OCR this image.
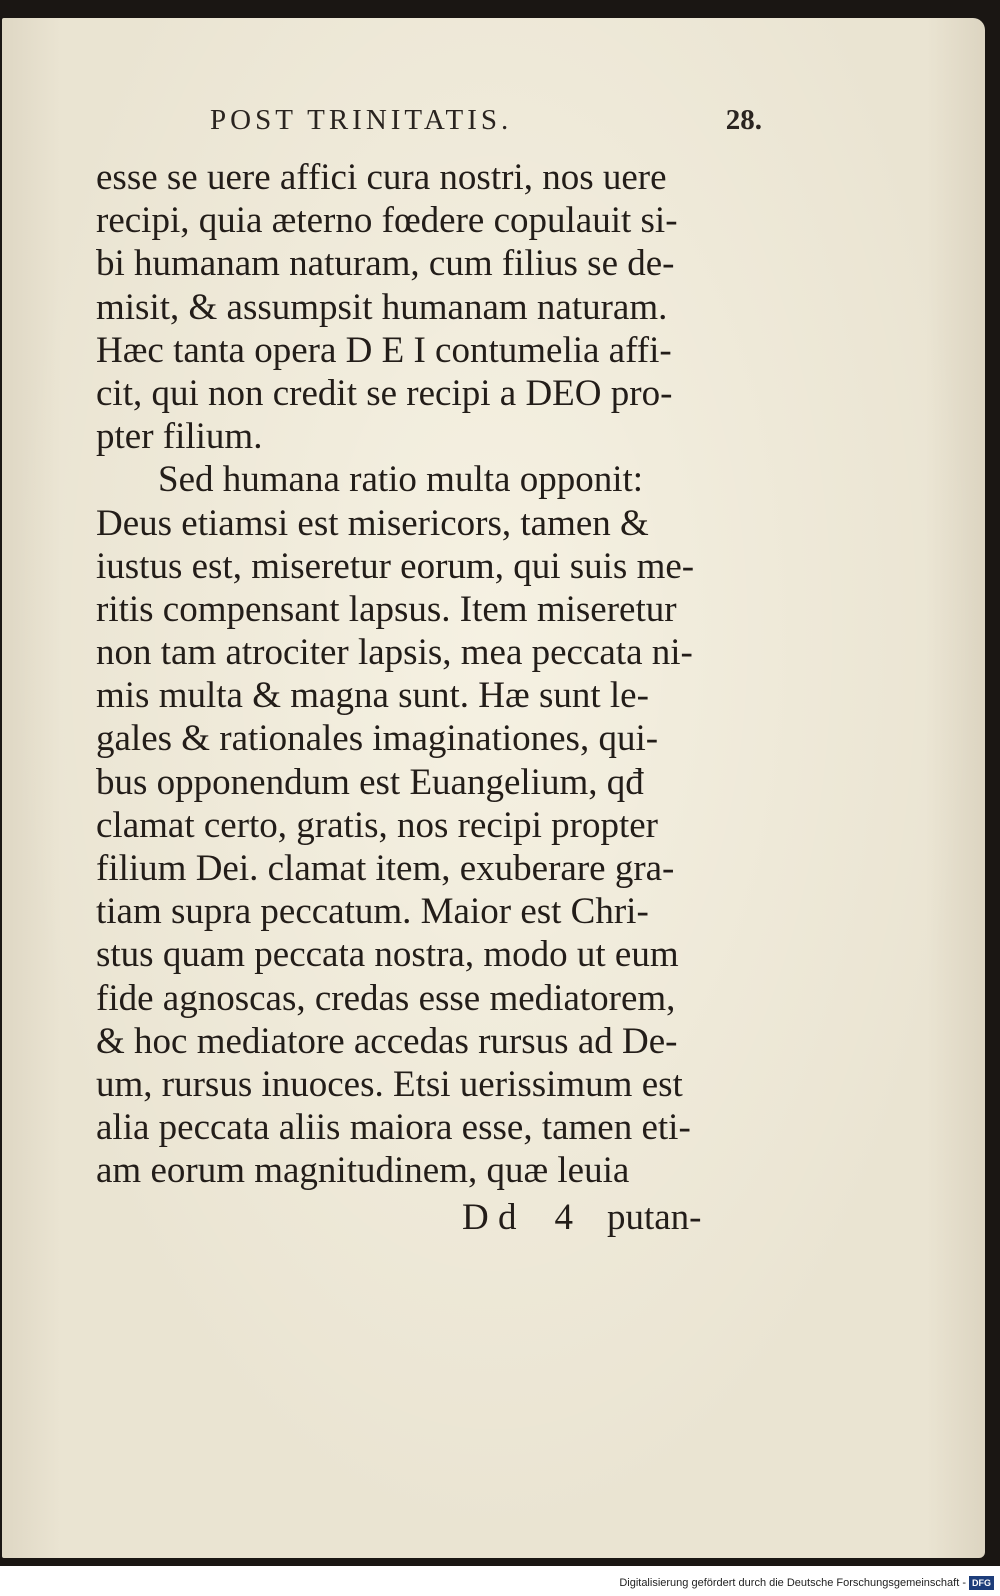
POST TRINITATIS.	28.
esse se uere affici cura nostri, nos uere
recipi, quia æterno fœdere copulauit si-
bi humanam naturam, cum filius se de-
misit, & assumpsit humanam naturam.
Hæc tanta opera D E I contumelia affi-
cit, qui non credit se recipi a DEO pro-
pter filium.
Sed humana ratio multa opponit:
Deus etiamsi est misericors, tamen &
iustus est, miseretur eorum, qui suis me-
ritis compensant lapsus. Item miseretur
non tam atrociter lapsis, mea peccata ni-
mis multa & magna sunt. Hæ sunt le-
gales & rationales imaginationes, qui-
bus opponendum est Euangelium, qđ
clamat certo, gratis, nos recipi propter
filium Dei. clamat item, exuberare gra-
tiam supra peccatum. Maior est Chri-
stus quam peccata nostra, modo ut eum
fide agnoscas, credas esse mediatorem,
& hoc mediatore accedas rursus ad De-
um, rursus inuoces. Etsi uerissimum est
alia peccata aliis maiora esse, tamen eti-
am eorum magnitudinem, quæ leuia
D d 4 putan-
Digitalisierung gefördert durch die Deutsche Forschungsgemeinschaft - DFG
